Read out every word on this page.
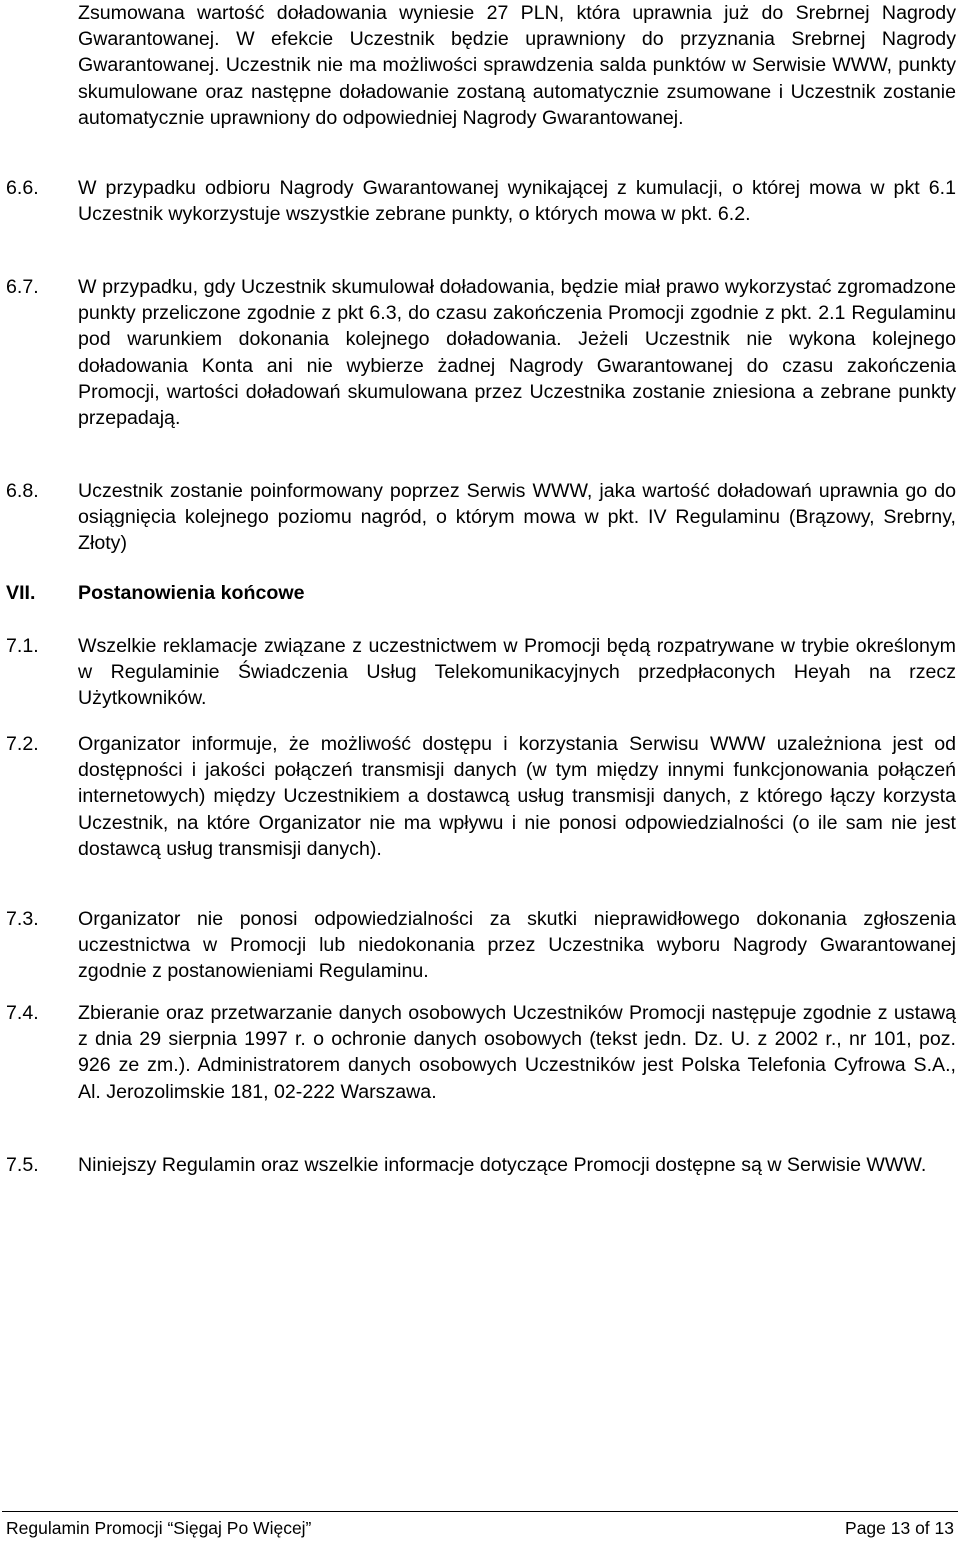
Zsumowana wartość doładowania wyniesie 27 PLN, która uprawnia już do Srebrnej Nagrody Gwarantowanej. W efekcie Uczestnik będzie uprawniony do przyznania Srebrnej Nagrody Gwarantowanej. Uczestnik nie ma możliwości sprawdzenia salda punktów w Serwisie WWW, punkty skumulowane oraz następne doładowanie zostaną automatycznie zsumowane i Uczestnik zostanie automatycznie uprawniony do odpowiedniej Nagrody Gwarantowanej.
6.6.	W przypadku odbioru Nagrody Gwarantowanej wynikającej z kumulacji, o której mowa w pkt 6.1 Uczestnik wykorzystuje wszystkie zebrane punkty, o których mowa w pkt. 6.2.
6.7.	W przypadku, gdy Uczestnik skumulował doładowania, będzie miał prawo wykorzystać zgromadzone punkty przeliczone zgodnie z pkt 6.3, do czasu zakończenia Promocji zgodnie z pkt. 2.1 Regulaminu pod warunkiem dokonania kolejnego doładowania. Jeżeli Uczestnik nie wykona kolejnego doładowania Konta ani nie wybierze żadnej Nagrody Gwarantowanej do czasu zakończenia Promocji, wartości doładowań skumulowana przez Uczestnika zostanie zniesiona a zebrane punkty przepadają.
6.8.	Uczestnik zostanie poinformowany poprzez Serwis WWW, jaka wartość doładowań uprawnia go do osiągnięcia kolejnego poziomu nagród, o którym mowa w pkt. IV Regulaminu (Brązowy, Srebrny, Złoty)
VII. Postanowienia końcowe
7.1.	Wszelkie reklamacje związane z uczestnictwem w Promocji będą rozpatrywane w trybie określonym w Regulaminie Świadczenia Usług Telekomunikacyjnych przedpłaconych Heyah na rzecz Użytkowników.
7.2.	Organizator informuje, że możliwość dostępu i korzystania Serwisu WWW uzależniona jest od dostępności i jakości połączeń transmisji danych (w tym między innymi funkcjonowania połączeń internetowych) między Uczestnikiem a dostawcą usług transmisji danych, z którego łączy korzysta Uczestnik, na które Organizator nie ma wpływu i nie ponosi odpowiedzialności (o ile sam nie jest dostawcą usług transmisji danych).
7.3.	Organizator nie ponosi odpowiedzialności za skutki nieprawidłowego dokonania zgłoszenia uczestnictwa w Promocji lub niedokonania przez Uczestnika wyboru Nagrody Gwarantowanej zgodnie z postanowieniami Regulaminu.
7.4.	Zbieranie oraz przetwarzanie danych osobowych Uczestników Promocji następuje zgodnie z ustawą z dnia 29 sierpnia 1997 r. o ochronie danych osobowych (tekst jedn. Dz. U. z 2002 r., nr 101, poz. 926 ze zm.). Administratorem danych osobowych Uczestników jest Polska Telefonia Cyfrowa S.A., Al. Jerozolimskie 181, 02-222 Warszawa.
7.5.	Niniejszy Regulamin oraz wszelkie informacje dotyczące Promocji dostępne są w Serwisie WWW.
Regulamin Promocji “Sięgaj Po Więcej”	Page 13 of 13
